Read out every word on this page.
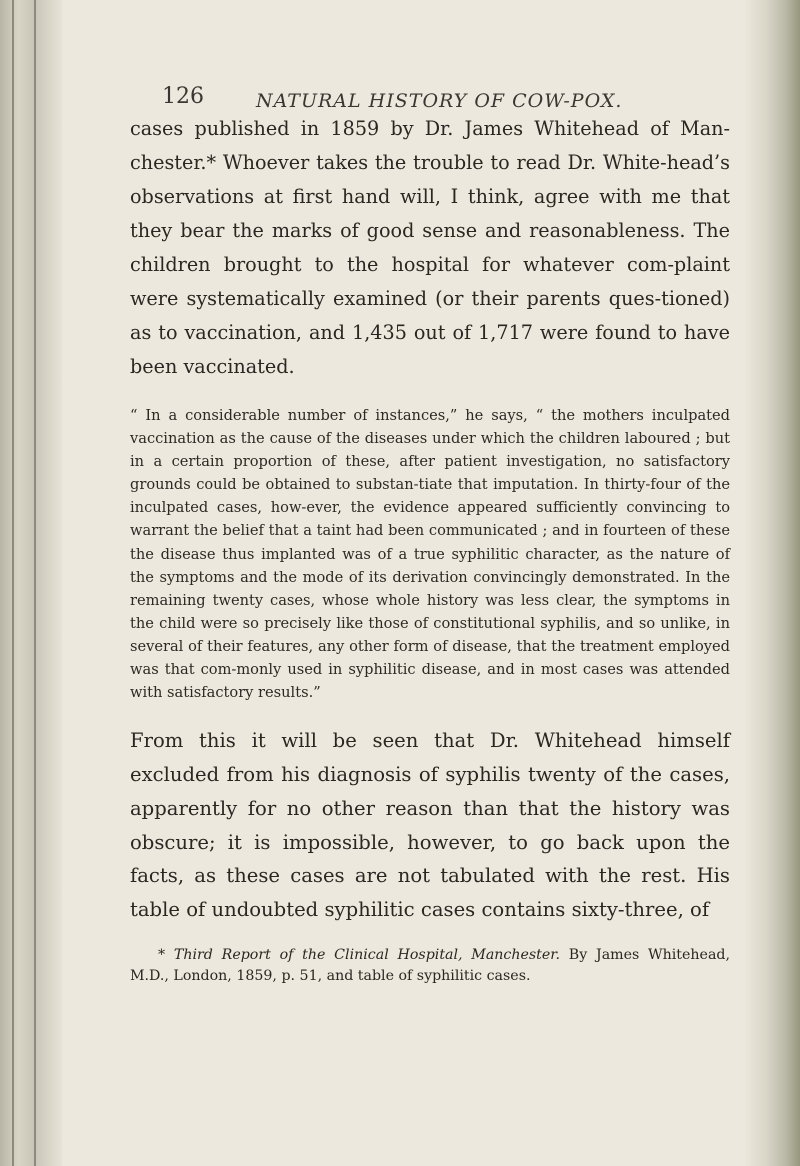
126	NATURAL HISTORY OF COW-POX.

cases published in 1859 by Dr. James Whitehead of Man-chester.* Whoever takes the trouble to read Dr. White-head’s observations at first hand will, I think, agree with me that they bear the marks of good sense and reasonableness. The children brought to the hospital for whatever com-plaint were systematically examined (or their parents ques-tioned) as to vaccination, and 1,435 out of 1,717 were found to have been vaccinated.

“ In a considerable number of instances,” he says, “ the mothers inculpated vaccination as the cause of the diseases under which the children laboured ; but in a certain proportion of these, after patient investigation, no satisfactory grounds could be obtained to substan-tiate that imputation. In thirty-four of the inculpated cases, how-ever, the evidence appeared sufficiently convincing to warrant the belief that a taint had been communicated ; and in fourteen of these the disease thus implanted was of a true syphilitic character, as the nature of the symptoms and the mode of its derivation convincingly demonstrated. In the remaining twenty cases, whose whole history was less clear, the symptoms in the child were so precisely like those of constitutional syphilis, and so unlike, in several of their features, any other form of disease, that the treatment employed was that com-monly used in syphilitic disease, and in most cases was attended with satisfactory results.”

From this it will be seen that Dr. Whitehead himself excluded from his diagnosis of syphilis twenty of the cases, apparently for no other reason than that the history was obscure; it is impossible, however, to go back upon the facts, as these cases are not tabulated with the rest. His table of undoubted syphilitic cases contains sixty-three, of

* Third Report of the Clinical Hospital, Manchester. By James Whitehead, M.D., London, 1859, p. 51, and table of syphilitic cases.
